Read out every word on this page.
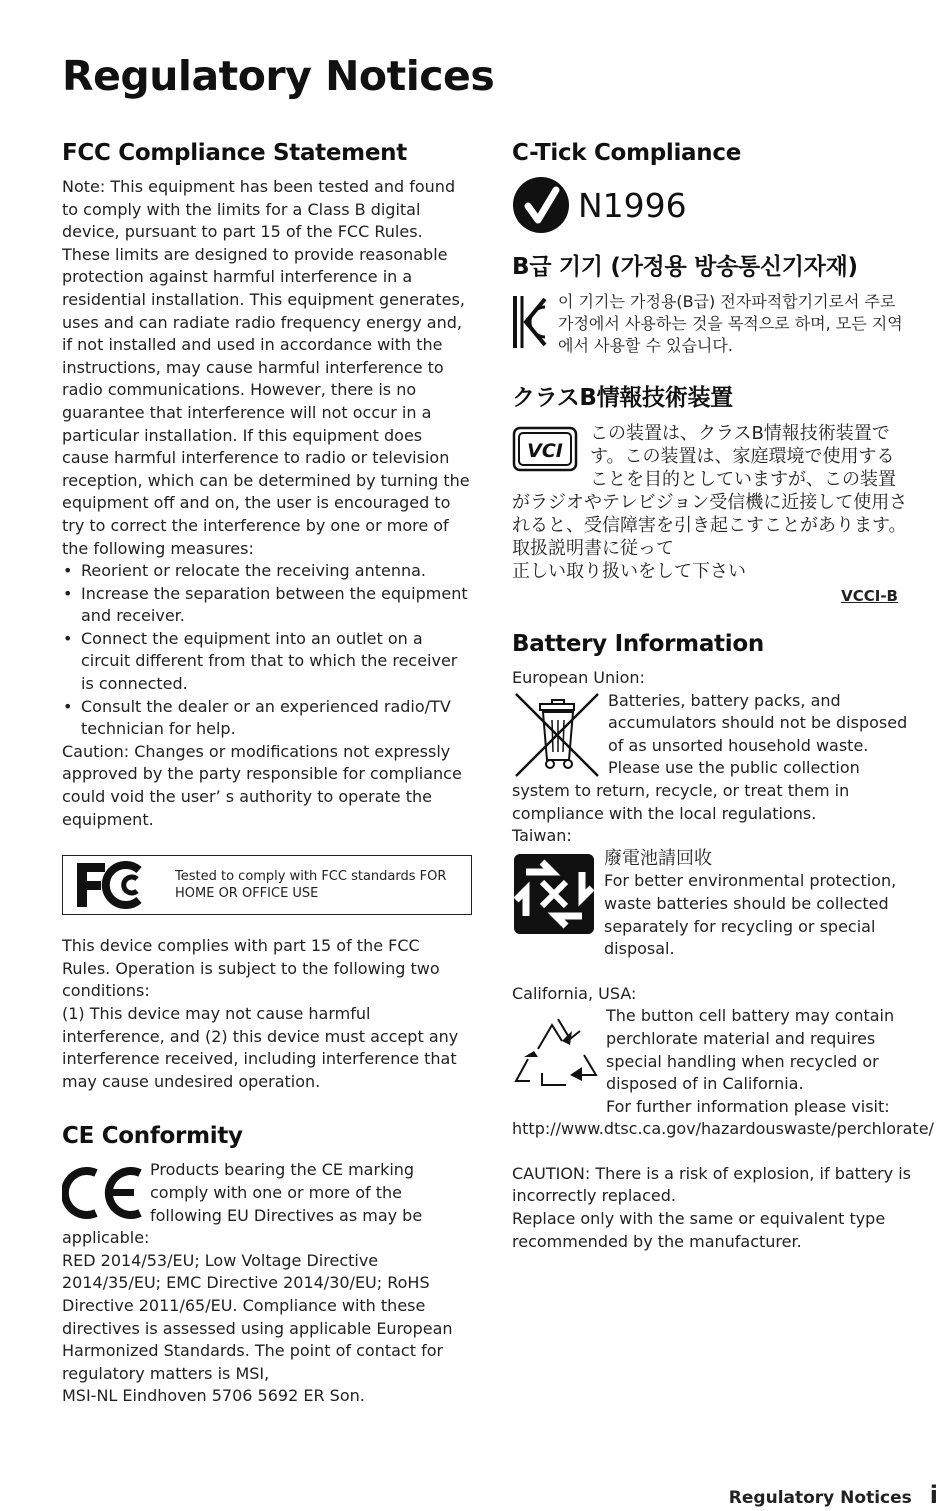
Regulatory Notices
FCC Compliance Statement

Note: This equipment has been tested and found to comply with the limits for a Class B digital device, pursuant to part 15 of the FCC Rules. These limits are designed to provide reasonable protection against harmful interference in a residential installation. This equipment generates, uses and can radiate radio frequency energy and, if not installed and used in accordance with the instructions, may cause harmful interference to radio communications. However, there is no guarantee that interference will not occur in a particular installation. If this equipment does cause harmful interference to radio or television reception, which can be determined by turning the equipment off and on, the user is encouraged to try to correct the interference by one or more of the following measures:

• Reorient or relocate the receiving antenna.
• Increase the separation between the equipment and receiver.
• Connect the equipment into an outlet on a circuit different from that to which the receiver is connected.
• Consult the dealer or an experienced radio/TV technician for help.

Caution: Changes or modifications not expressly approved by the party responsible for compliance could void the user’ s authority to operate the equipment.

Tested to comply with FCC standards FOR
HOME OR OFFICE USE

This device complies with part 15 of the FCC Rules. Operation is subject to the following two conditions:

(1) This device may not cause harmful interference, and (2) this device must accept any interference received, including interference that may cause undesired operation.

CE Conformity

Products bearing the CE marking comply with one or more of the following EU Directives as may be applicable:

RED 2014/53/EU; Low Voltage Directive 2014/35/EU; EMC Directive 2014/30/EU; RoHS Directive 2011/65/EU. Compliance with these directives is assessed using applicable European Harmonized Standards. The point of contact for regulatory matters is MSI,

MSI-NL Eindhoven 5706 5692 ER Son.

C-Tick Compliance
N1996
B급 기기 (가정용 방송통신기자재)
이 기기는 가정용(B급) 전자파적합기기로서 주로 가정에서 사용하는 것을 목적으로 하며, 모든 지역에서 사용할 수 있습니다.
クラスB情報技術装置
VCI
この装置は、クラスB情報技術装置です。この装置は、家庭環境で使用することを目的としていますが、この装置がラジオやテレビジョン受信機に近接して使用されると、受信障害を引き起こすことがあります。取扱説明書に従って
正しい取り扱いをして下さい
VCCI-B
Battery Information

European Union:

Batteries, battery packs, and accumulators should not be disposed of as unsorted household waste. Please use the public collection system to return, recycle, or treat them in compliance with the local regulations.

Taiwan:

廢電池請回收
For better environmental protection, waste batteries should be collected separately for recycling or special disposal.

California, USA:

The button cell battery may contain perchlorate material and requires special handling when recycled or disposed of in California.
For further information please visit:
http://www.dtsc.ca.gov/hazardouswaste/perchlorate/

CAUTION: There is a risk of explosion, if battery is incorrectly replaced.

Replace only with the same or equivalent type recommended by the manufacturer.

Regulatory Notices i
